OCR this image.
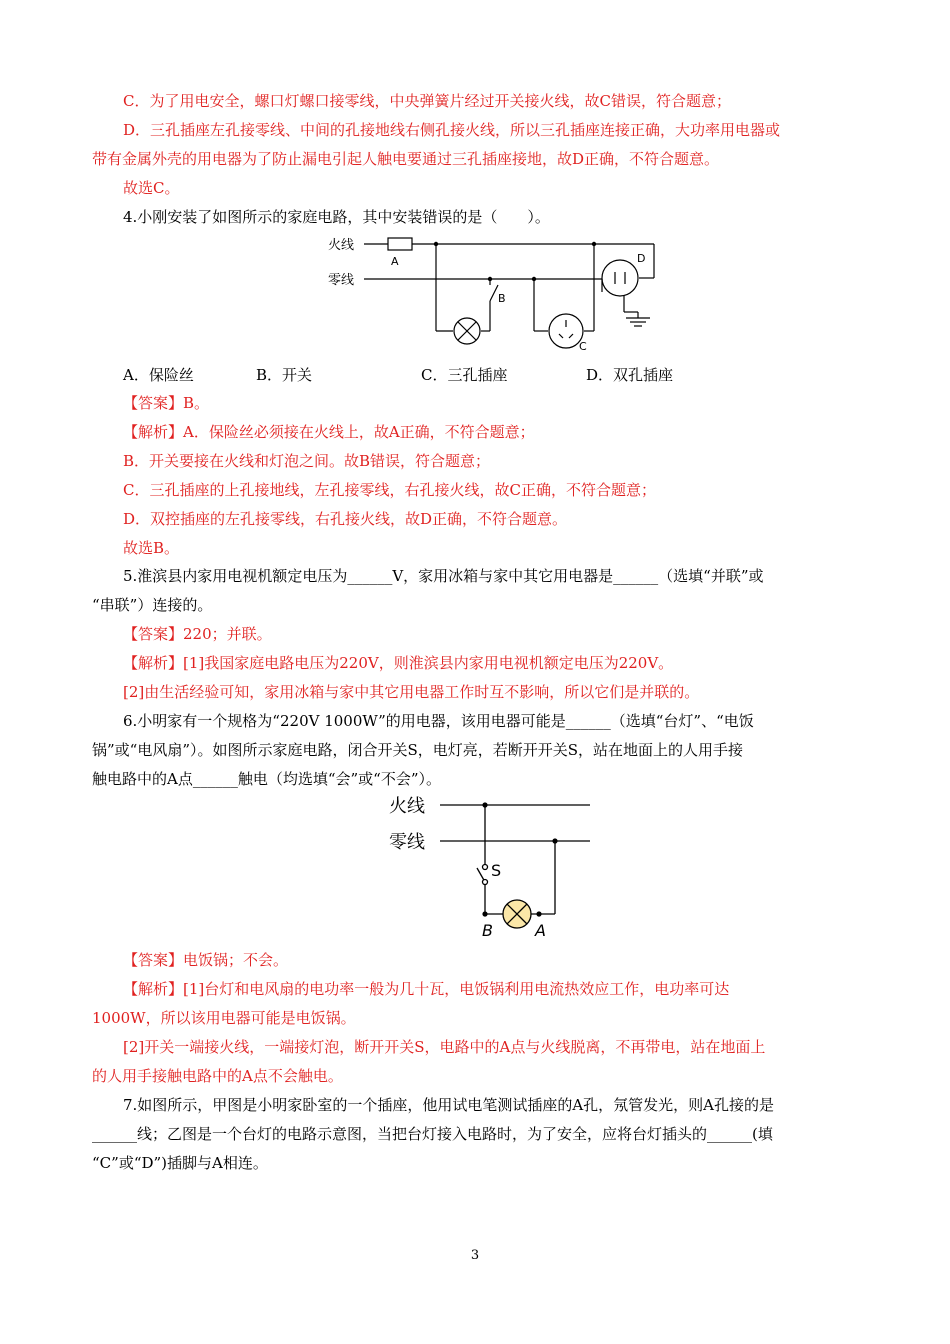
C．为了用电安全，螺口灯螺口接零线，中央弹簧片经过开关接火线，故C错误，符合题意；
D．三孔插座左孔接零线、中间的孔接地线右侧孔接火线，所以三孔插座连接正确，大功率用电器或
带有金属外壳的用电器为了防止漏电引起人触电要通过三孔插座接地，故D正确，不符合题意。
故选C。
4.小刚安装了如图所示的家庭电路，其中安装错误的是（　　）。
火线
零线
A
B
C
D
A．保险丝	B．开关	C．三孔插座	D．双孔插座
【答案】B。
【解析】A．保险丝必须接在火线上，故A正确，不符合题意；
B．开关要接在火线和灯泡之间。故B错误，符合题意；
C．三孔插座的上孔接地线，左孔接零线，右孔接火线，故C正确，不符合题意；
D．双控插座的左孔接零线，右孔接火线，故D正确，不符合题意。
故选B。
5.淮滨县内家用电视机额定电压为______V，家用冰箱与家中其它用电器是______（选填“并联”或
“串联”）连接的。
【答案】220；并联。
【解析】[1]我国家庭电路电压为220V，则淮滨县内家用电视机额定电压为220V。
[2]由生活经验可知，家用冰箱与家中其它用电器工作时互不影响，所以它们是并联的。
6.小明家有一个规格为“220V 1000W”的用电器，该用电器可能是______（选填“台灯”、“电饭
锅”或“电风扇”）。如图所示家庭电路，闭合开关S，电灯亮，若断开开关S，站在地面上的人用手接
触电路中的A点______触电（均选填“会”或“不会”）。
火线
零线
S
B	A
【答案】电饭锅；不会。
【解析】[1]台灯和电风扇的电功率一般为几十瓦，电饭锅利用电流热效应工作，电功率可达
1000W，所以该用电器可能是电饭锅。
[2]开关一端接火线，一端接灯泡，断开开关S，电路中的A点与火线脱离，不再带电，站在地面上
的人用手接触电路中的A点不会触电。
7.如图所示，甲图是小明家卧室的一个插座，他用试电笔测试插座的A孔，氖管发光，则A孔接的是
______线；乙图是一个台灯的电路示意图，当把台灯接入电路时，为了安全，应将台灯插头的______(填
“C”或“D”)插脚与A相连。
3
